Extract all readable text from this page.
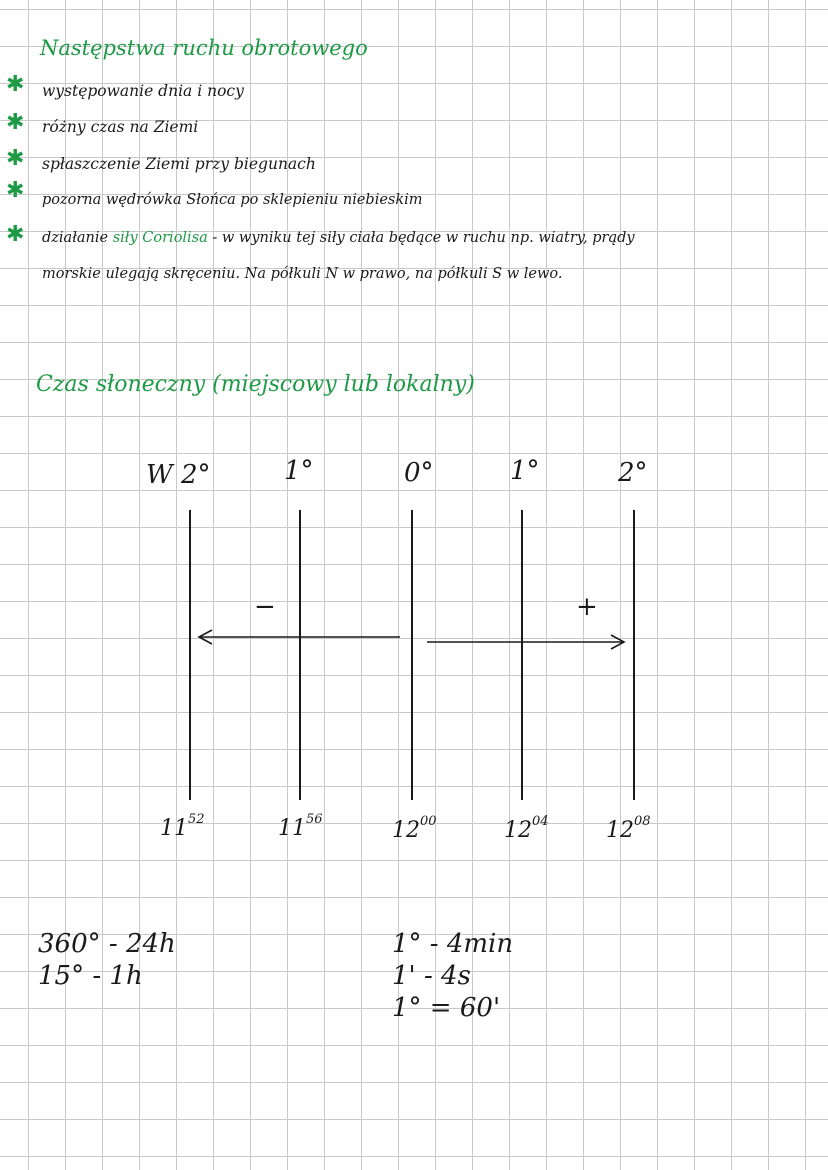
Następstwa ruchu obrotowego
✱ występowanie dnia i nocy
✱ różny czas na Ziemi
✱ spłaszczenie Ziemi przy biegunach
✱ pozorna wędrówka Słońca po sklepieniu niebieskim
✱ działanie siły Coriolisa - w wyniku tej siły ciała będące w ruchu np. wiatry, prądy
morskie ulegają skręceniu. Na półkuli N w prawo, na półkuli S w lewo.
Czas słoneczny (miejscowy lub lokalny)
−	+
W 2°	1°	0°	1°	2°
$11^{52}$	$11^{56}$	$12^{00}$	$12^{04}$	$12^{08}$
360° - 24h
15° - 1h
1° - 4min
1' - 4s
1° = 60'
